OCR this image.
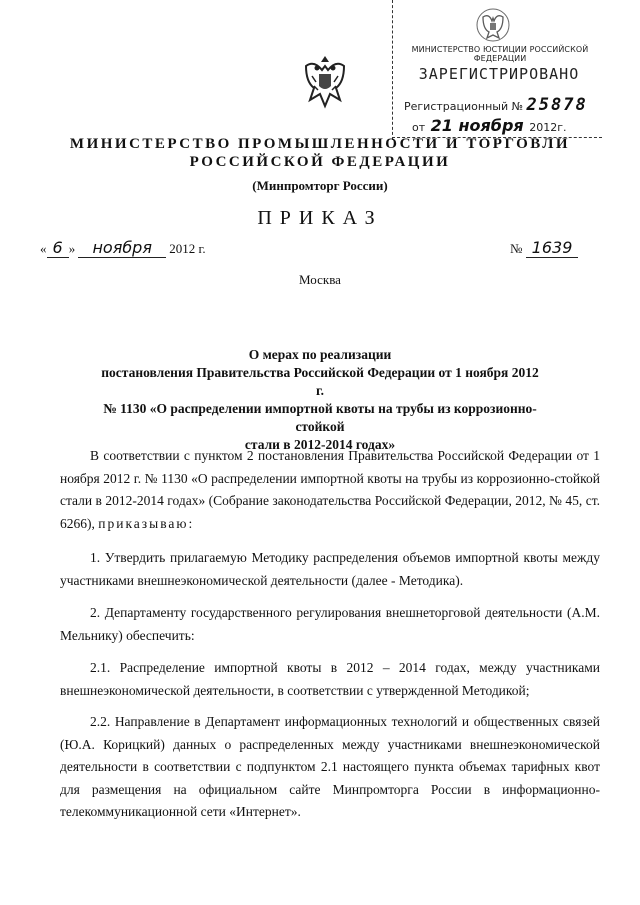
МИНИСТЕРСТВО ЮСТИЦИИ РОССИЙСКОЙ ФЕДЕРАЦИИ
ЗАРЕГИСТРИРОВАНО
Регистрационный № 25878
от 21 ноября 2012г.
МИНИСТЕРСТВО ПРОМЫШЛЕННОСТИ И ТОРГОВЛИ
РОССИЙСКОЙ ФЕДЕРАЦИИ
(Минпромторг России)
ПРИКАЗ
« 6 » ноября 2012 г.	№ 1639
Москва
О мерах по реализации
постановления Правительства Российской Федерации от 1 ноября 2012 г.
№ 1130 «О распределении импортной квоты на трубы из коррозионно-стойкой
стали в 2012-2014 годах»

В соответствии с пунктом 2 постановления Правительства Российской Федерации от 1 ноября 2012 г. № 1130 «О распределении импортной квоты на трубы из коррозионно-стойкой стали в 2012-2014 годах» (Собрание законодательства Российской Федерации, 2012, № 45, ст. 6266), приказываю:

1. Утвердить прилагаемую Методику распределения объемов импортной квоты между участниками внешнеэкономической деятельности (далее - Методика).

2. Департаменту государственного регулирования внешнеторговой деятельности (А.М. Мельнику) обеспечить:

2.1. Распределение импортной квоты в 2012 – 2014 годах, между участниками внешнеэкономической деятельности, в соответствии с утвержденной Методикой;

2.2. Направление в Департамент информационных технологий и общественных связей (Ю.А. Корицкий) данных о распределенных между участниками внешнеэкономической деятельности в соответствии с подпунктом 2.1 настоящего пункта объемах тарифных квот для размещения на официальном сайте Минпромторга России в информационно-телекоммуникационной сети «Интернет».
